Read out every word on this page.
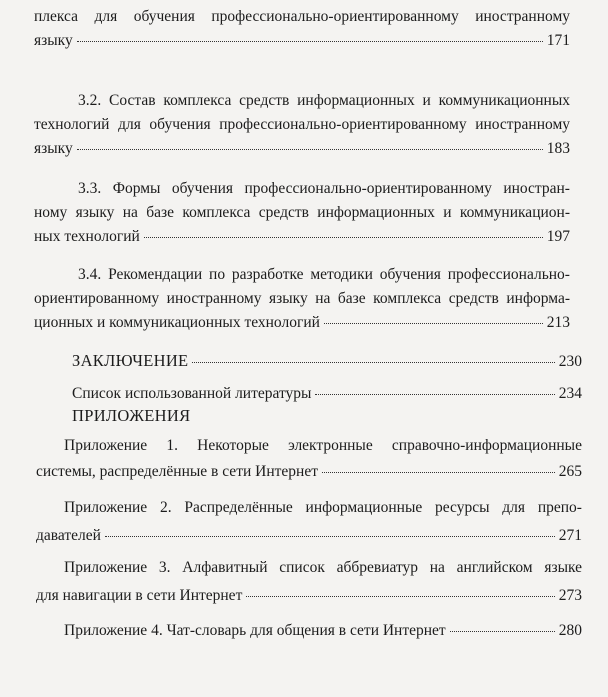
плекса для обучения профессионально-ориентированному иностранному
языку	171
3.2. Состав комплекса средств информационных и коммуникационных
технологий для обучения профессионально-ориентированному иностранному
языку	183
3.3. Формы обучения профессионально-ориентированному иностран-
ному языку на базе комплекса средств информационных и коммуникацион-
ных технологий	197
3.4. Рекомендации по разработке методики обучения профессионально-
ориентированному иностранному языку на базе комплекса средств информа-
ционных и коммуникационных технологий	213
ЗАКЛЮЧЕНИЕ	230
Список использованной литературы	234
ПРИЛОЖЕНИЯ
Приложение 1. Некоторые электронные справочно-информационные
системы, распределённые в сети Интернет	265
Приложение 2. Распределённые информационные ресурсы для препо-
давателей	271
Приложение 3. Алфавитный список аббревиатур на английском языке
для навигации в сети Интернет	273
Приложение 4. Чат-словарь для общения в сети Интернет	280
